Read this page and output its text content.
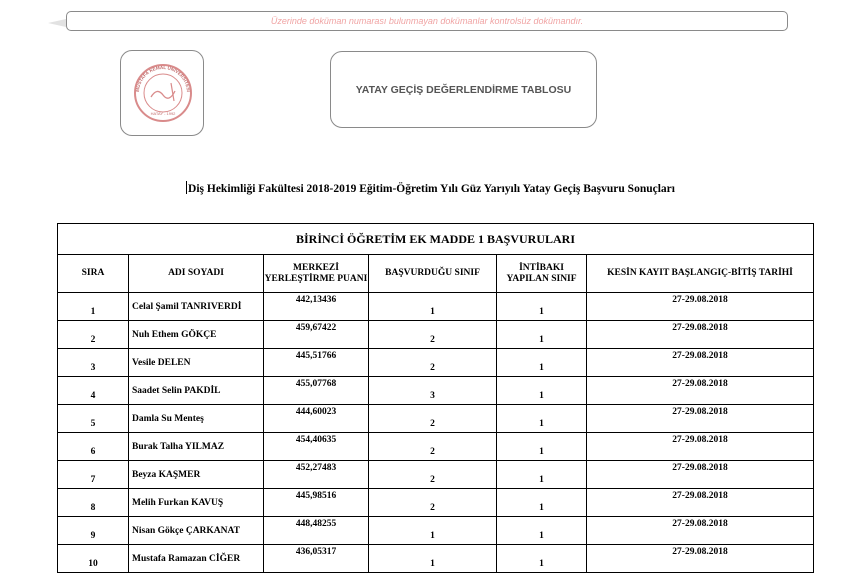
Üzerinde doküman numarası bulunmayan dokümanlar kontrolsüz dokümandır.
MUSTAFA KEMAL ÜNİVERSİTESİ
HATAY - 1992
YATAY GEÇİŞ DEĞERLENDİRME TABLOSU
Diş Hekimliği Fakültesi 2018-2019 Eğitim-Öğretim Yılı Güz Yarıyılı Yatay Geçiş Başvuru Sonuçları
BİRİNCİ ÖĞRETİM EK MADDE 1 BAŞVURULARI					
SIRA	ADI SOYADI	MERKEZİ YERLEŞTİRME PUANI	BAŞVURDUĞU SINIF	İNTİBAKI YAPILAN SINIF	KESİN KAYIT BAŞLANGIÇ-BİTİŞ TARİHİ
1	Celal Şamil TANRIVERDİ	442,13436	1	1	27-29.08.2018
2	Nuh Ethem GÖKÇE	459,67422	2	1	27-29.08.2018
3	Vesile DELEN	445,51766	2	1	27-29.08.2018
4	Saadet Selin PAKDİL	455,07768	3	1	27-29.08.2018
5	Damla Su Menteş	444,60023	2	1	27-29.08.2018
6	Burak Talha YILMAZ	454,40635	2	1	27-29.08.2018
7	Beyza KAŞMER	452,27483	2	1	27-29.08.2018
8	Melih Furkan KAVUŞ	445,98516	2	1	27-29.08.2018
9	Nisan Gökçe ÇARKANAT	448,48255	1	1	27-29.08.2018
10	Mustafa Ramazan CİĞER	436,05317	1	1	27-29.08.2018
